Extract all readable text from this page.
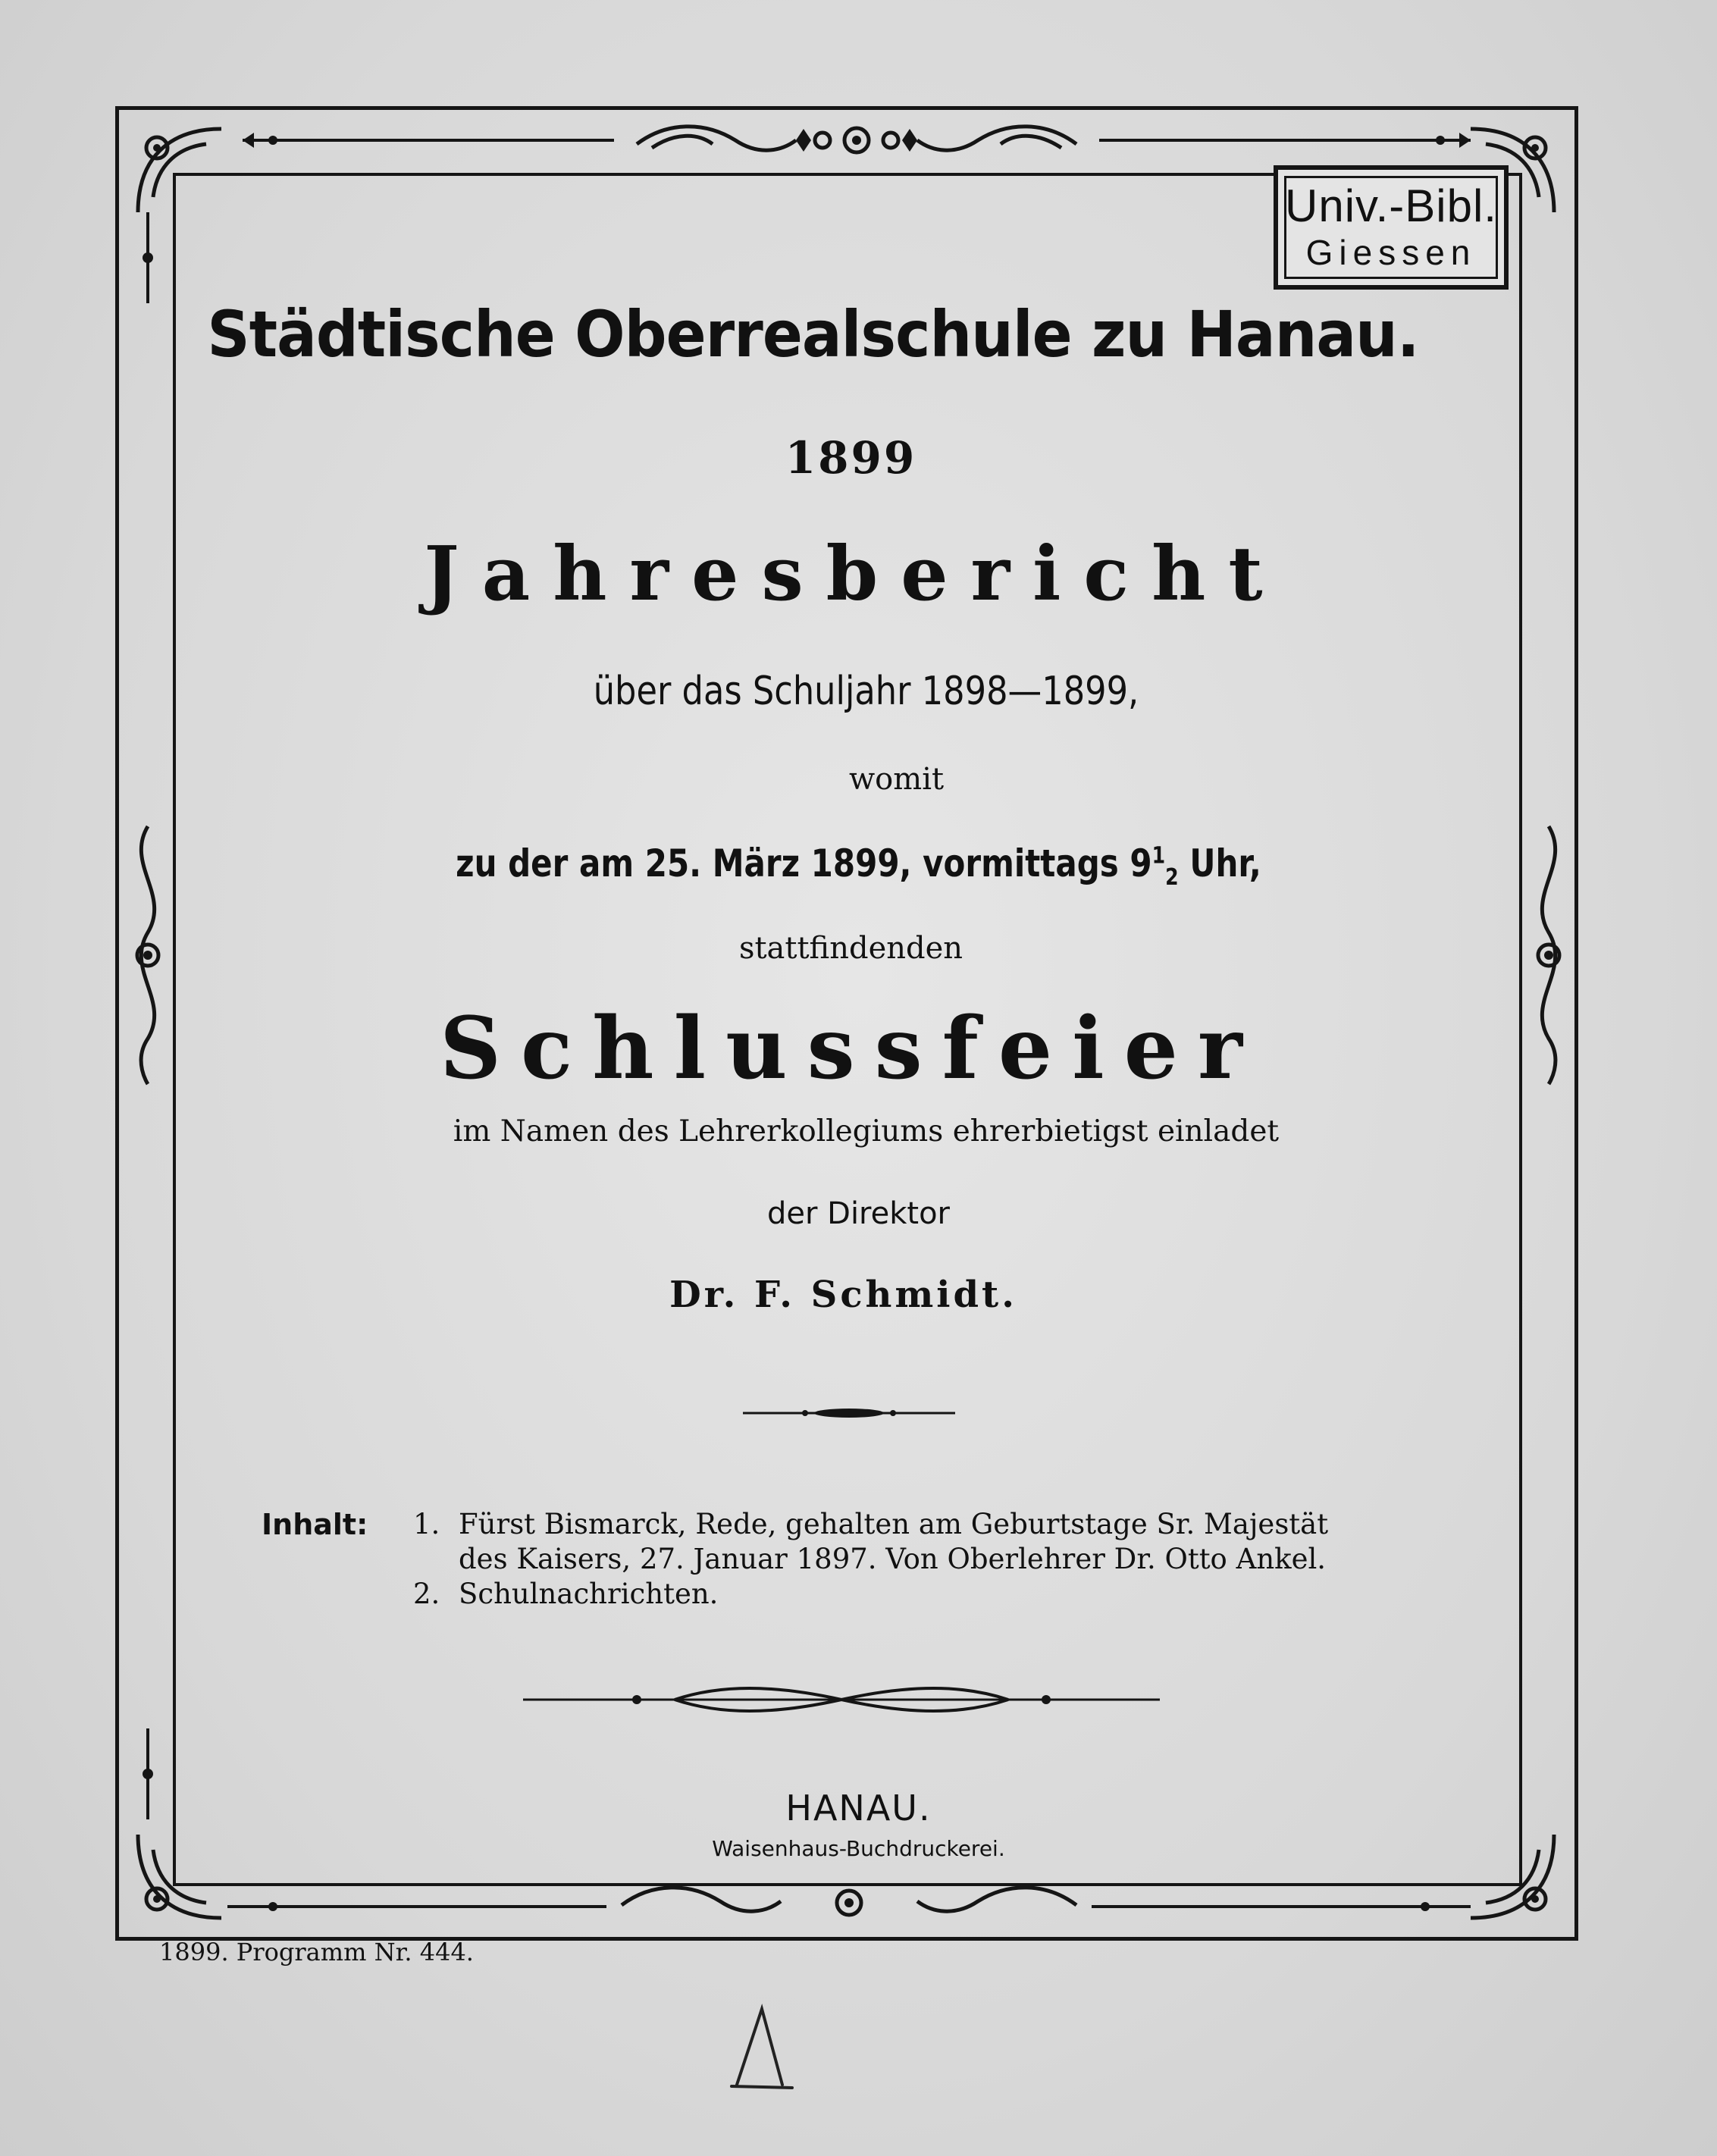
Univ.-Bibl.
Giessen
Städtische Oberrealschule zu Hanau.
1899
Jahresbericht
über das Schuljahr 1898—1899,
womit
zu der am 25. März 1899, vormittags $9^1_2$ Uhr,
stattfindenden
Schlussfeier
im Namen des Lehrerkollegiums ehrerbietigst einladet
der Direktor
Dr. F. Schmidt.
Inhalt: 1. Fürst Bismarck, Rede, gehalten am Geburtstage Sr. Majestät
des Kaisers, 27. Januar 1897. Von Oberlehrer Dr. Otto Ankel.
2. Schulnachrichten.
HANAU.
Waisenhaus-Buchdruckerei.
1899. Programm Nr. 444.
